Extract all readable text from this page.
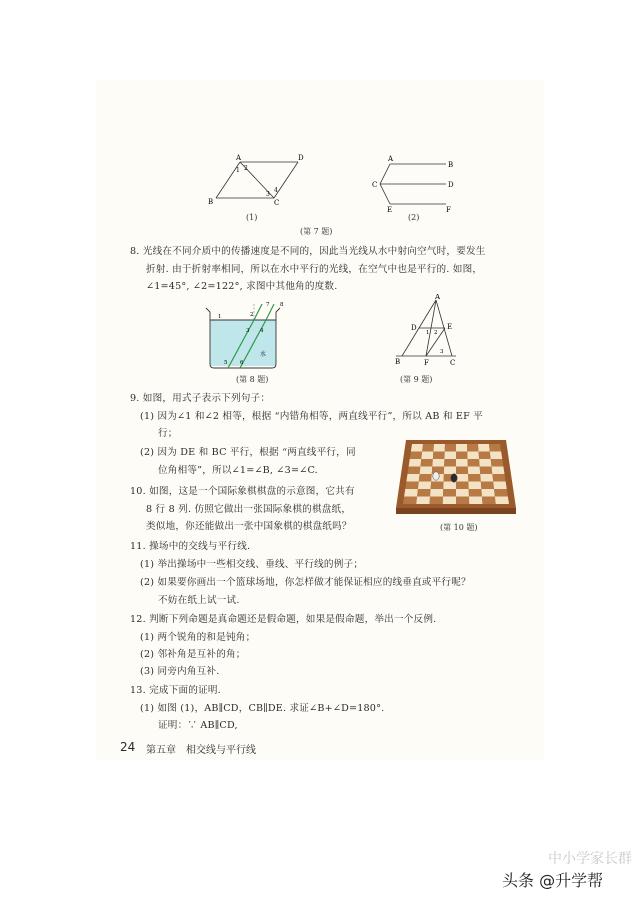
A	D
B	C
1 2
3
4
(1)
A
B
C	D
E	F
(2)
(第 7 题)
8. 光线在不同介质中的传播速度是不同的，因此当光线从水中射向空气时，要发生
折射. 由于折射率相同，所以在水中平行的光线，在空气中也是平行的. 如图，
∠1=45°, ∠2=122°, 求图中其他角的度数.
1	2
3 4
5 6
7 8
水
(第 8 题)
A
B	C
D	E
F
1 2
3
(第 9 题)
9. 如图，用式子表示下列句子：
(1) 因为∠1 和∠2 相等，根据 “内错角相等，两直线平行”，所以 AB 和 EF 平
行；
(2) 因为 DE 和 BC 平行，根据 “两直线平行，同
位角相等”，所以∠1=∠B, ∠3=∠C.
(第 10 题)
10. 如图，这是一个国际象棋棋盘的示意图，它共有
8 行 8 列. 仿照它做出一张国际象棋的棋盘纸，
类似地，你还能做出一张中国象棋的棋盘纸吗？
11. 操场中的交线与平行线.
(1) 举出操场中一些相交线、垂线、平行线的例子；
(2) 如果要你画出一个篮球场地，你怎样做才能保证相应的线垂直或平行呢？
不妨在纸上试一试.
12. 判断下列命题是真命题还是假命题，如果是假命题，举出一个反例.
(1) 两个锐角的和是钝角；
(2) 邻补角是互补的角；
(3) 同旁内角互补.
13. 完成下面的证明.
(1) 如图 (1)，AB∥CD，CB∥DE. 求证∠B+∠D=180°.
证明：∵ AB∥CD,
24 第五章　相交线与平行线
中小学家长群
头条 @升学帮
